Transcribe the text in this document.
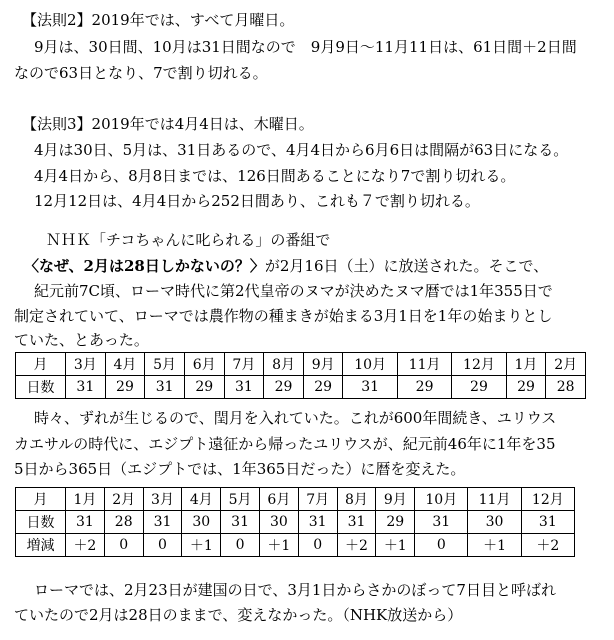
【法則2】2019年では、すべて月曜日。
9月は、30日間、10月は31日間なので　9月9日～11月11日は、61日間＋2日間
なので63日となり、7で割り切れる。
【法則3】2019年では4月4日は、木曜日。
4月は30日、5月は、31日あるので、4月4日から6月6日は間隔が63日になる。
4月4日から、8月8日までは、126日間あることになり7で割り切れる。
12月12日は、4月4日から252日間あり、これも７で割り切れる。
ＮＨＫ「チコちゃんに叱られる」の番組で
〈なぜ、2月は28日しかないの？〉が2月16日（土）に放送された。そこで、
紀元前7C頃、ローマ時代に第2代皇帝のヌマが決めたヌマ暦では1年355日で
制定されていて、ローマでは農作物の種まきが始まる3月1日を1年の始まりとし
ていた、とあった。
月	3月	4月	5月	6月	7月	8月	9月	10月	11月	12月	1月	2月
日数	31	29	31	29	31	29	29	31	29	29	29	28
時々、ずれが生じるので、閏月を入れていた。これが600年間続き、ユリウス
カエサルの時代に、エジプト遠征から帰ったユリウスが、紀元前46年に1年を35
5日から365日（エジプトでは、1年365日だった）に暦を変えた。
月	1月	2月	3月	4月	5月	6月	7月	8月	9月	10月	11月	12月
日数	31	28	31	30	31	30	31	31	29	31	30	31
増減	＋2	0	0	＋1	0	＋1	0	＋2	＋1	0	＋1	＋2
ローマでは、2月23日が建国の日で、3月1日からさかのぼって7日目と呼ばれ
ていたので2月は28日のままで、変えなかった。（NHK放送から）
